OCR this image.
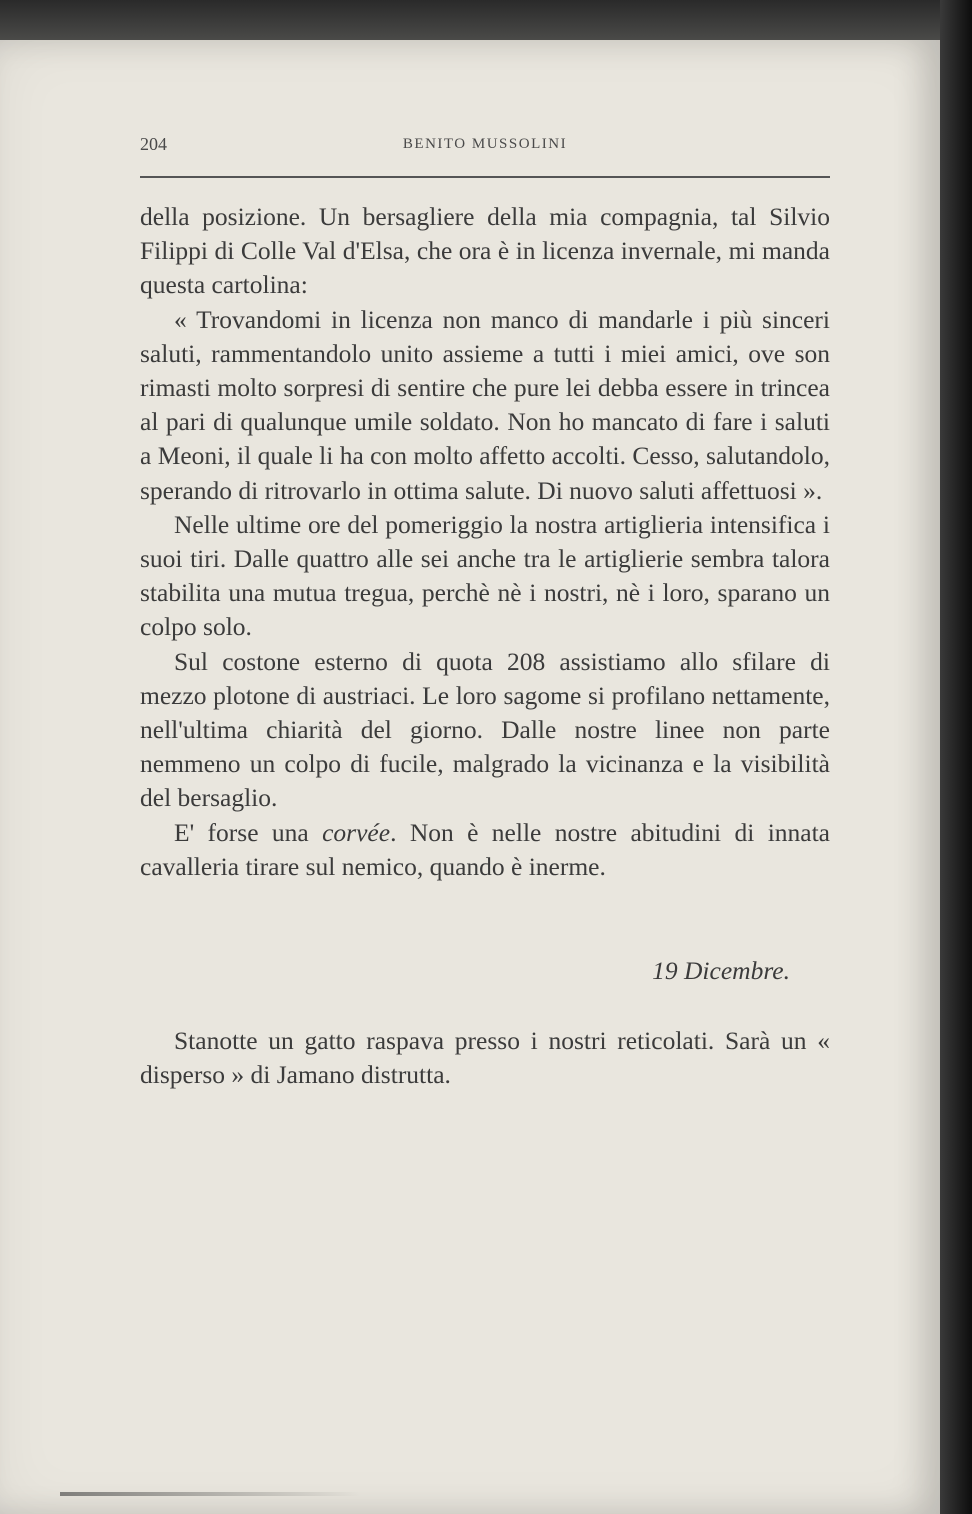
204	BENITO MUSSOLINI

della posizione. Un bersagliere della mia compagnia, tal Silvio Filippi di Colle Val d'Elsa, che ora è in licenza invernale, mi manda questa cartolina:

« Trovandomi in licenza non manco di mandarle i più sinceri saluti, rammentandolo unito assieme a tutti i miei amici, ove son rimasti molto sorpresi di sentire che pure lei debba essere in trincea al pari di qualunque umile soldato. Non ho mancato di fare i saluti a Meoni, il quale li ha con molto affetto accolti. Cesso, salutandolo, sperando di ritrovarlo in ottima salute. Di nuovo saluti affettuosi ».

Nelle ultime ore del pomeriggio la nostra artiglieria intensifica i suoi tiri. Dalle quattro alle sei anche tra le artiglierie sembra talora stabilita una mutua tregua, perchè nè i nostri, nè i loro, sparano un colpo solo.

Sul costone esterno di quota 208 assistiamo allo sfilare di mezzo plotone di austriaci. Le loro sagome si profilano nettamente, nell'ultima chiarità del giorno. Dalle nostre linee non parte nemmeno un colpo di fucile, malgrado la vicinanza e la visibilità del bersaglio.

E' forse una corvée. Non è nelle nostre abitudini di innata cavalleria tirare sul nemico, quando è inerme.

19 Dicembre.

Stanotte un gatto raspava presso i nostri reticolati. Sarà un « disperso » di Jamano distrutta.
